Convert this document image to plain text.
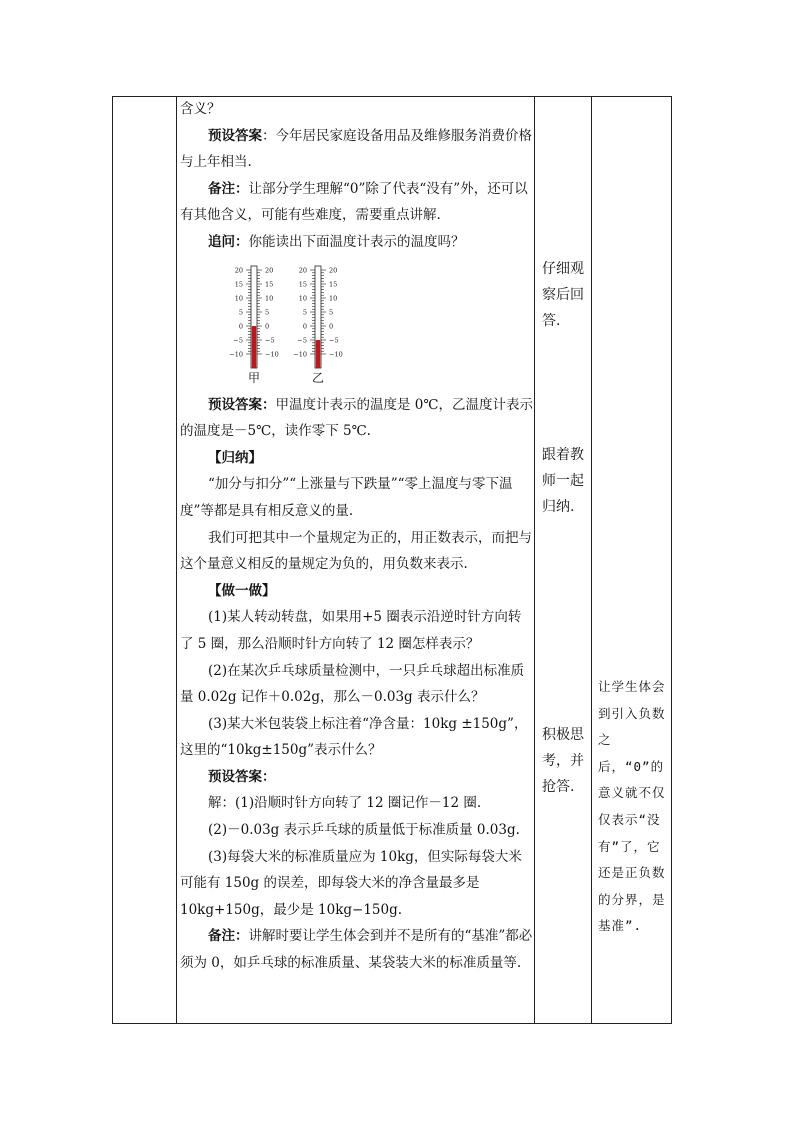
含义？

预设答案：今年居民家庭设备用品及维修服务消费价格与上年相当.

备注：让部分学生理解“0”除了代表“没有”外，还可以有其他含义，可能有些难度，需要重点讲解.

追问：你能读出下面温度计表示的温度吗？

预设答案：甲温度计表示的温度是 0℃，乙温度计表示的温度是－5℃，读作零下 5℃.

【归纳】

“加分与扣分”“上涨量与下跌量”“零上温度与零下温度”等都是具有相反意义的量.

我们可把其中一个量规定为正的，用正数表示，而把与这个量意义相反的量规定为负的，用负数来表示.

【做一做】

(1)某人转动转盘，如果用+5 圈表示沿逆时针方向转了 5 圈，那么沿顺时针方向转了 12 圈怎样表示？

(2)在某次乒乓球质量检测中，一只乒乓球超出标准质量 0.02g 记作＋0.02g，那么－0.03g 表示什么？

(3)某大米包装袋上标注着“净含量：10kg ±150g”，这里的“10kg±150g”表示什么？

预设答案：

解：(1)沿顺时针方向转了 12 圈记作－12 圈.

(2)－0.03g 表示乒乓球的质量低于标准质量 0.03g.

(3)每袋大米的标准质量应为 10kg，但实际每袋大米可能有 150g 的误差，即每袋大米的净含量最多是 10kg+150g，最少是 10kg−150g.

备注：讲解时要让学生体会到并不是所有的“基准”都必须为 0，如乒乓球的标准质量、某袋装大米的标准质量等.

20	20
15	15
10	10
5	5
0	0
−5	−5
−10	−10
甲
20	20
15	15
10	10
5	5
0	0
−5	−5
−10	−10
乙
仔细观察后回答.
跟着教师一起归纳.
积极思考，并抢答.
让学生体会到引入负数之后，“0”的意义就不仅仅表示“没有”了，它还是正负数的分界，是基准”.
